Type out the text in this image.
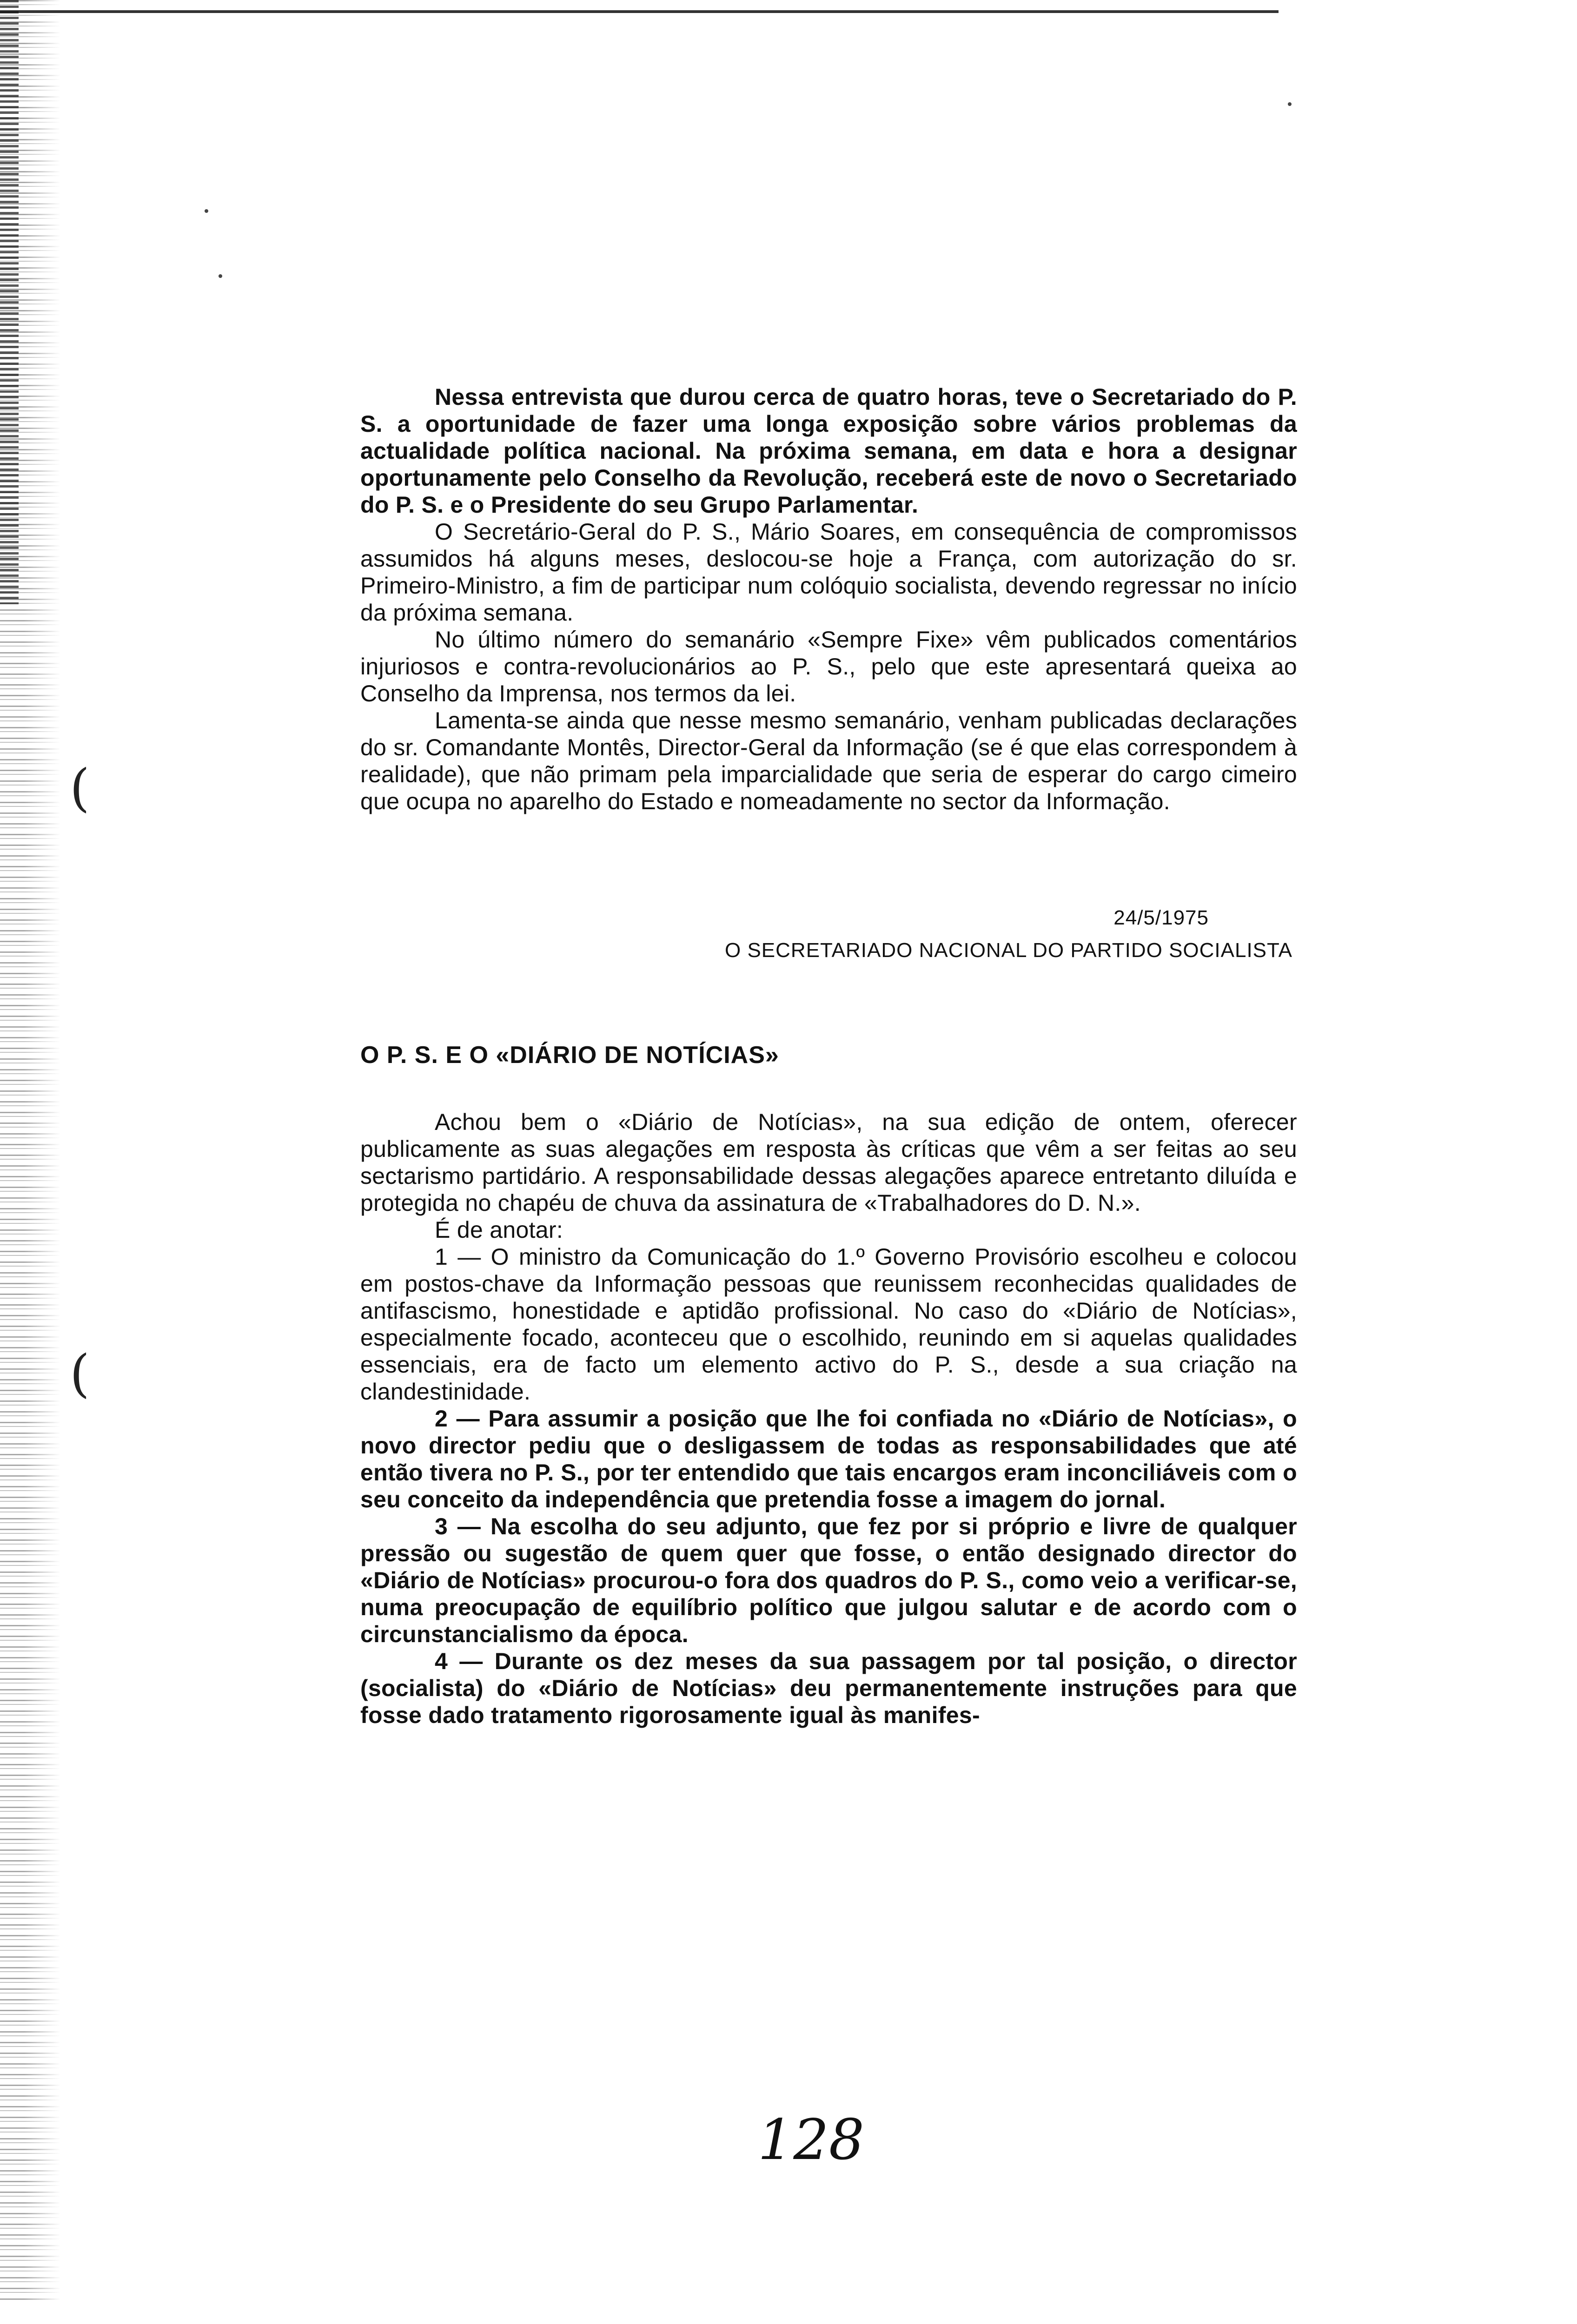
(
(

Nessa entrevista que durou cerca de quatro horas, teve o Secretariado do P. S. a oportunidade de fazer uma longa exposição sobre vários problemas da actualidade política nacional. Na próxima semana, em data e hora a designar oportunamente pelo Conselho da Revolução, receberá este de novo o Secretariado do P. S. e o Presidente do seu Grupo Parlamentar.

O Secretário-Geral do P. S., Mário Soares, em consequência de compromissos assumidos há alguns meses, deslocou-se hoje a França, com autorização do sr. Primeiro-Ministro, a fim de participar num colóquio socialista, devendo regressar no início da próxima semana.

No último número do semanário «Sempre Fixe» vêm publicados comentários injuriosos e contra-revolucionários ao P. S., pelo que este apresentará queixa ao Conselho da Imprensa, nos termos da lei.

Lamenta-se ainda que nesse mesmo semanário, venham publicadas declarações do sr. Comandante Montês, Director-Geral da Informação (se é que elas correspondem à realidade), que não primam pela imparcialidade que seria de esperar do cargo cimeiro que ocupa no aparelho do Estado e nomeadamente no sector da Informação.

24/5/1975
O SECRETARIADO NACIONAL DO PARTIDO SOCIALISTA
O P. S. E O «DIÁRIO DE NOTÍCIAS»

Achou bem o «Diário de Notícias», na sua edição de ontem, oferecer publicamente as suas alegações em resposta às críticas que vêm a ser feitas ao seu sectarismo partidário. A responsabilidade dessas alegações aparece entretanto diluída e protegida no chapéu de chuva da assinatura de «Trabalhadores do D. N.».

É de anotar:

1 — O ministro da Comunicação do 1.º Governo Provisório escolheu e colocou em postos-chave da Informação pessoas que reunissem reconhecidas qualidades de antifascismo, honestidade e aptidão profissional. No caso do «Diário de Notícias», especialmente focado, aconteceu que o escolhido, reunindo em si aquelas qualidades essenciais, era de facto um elemento activo do P. S., desde a sua criação na clandestinidade.

2 — Para assumir a posição que lhe foi confiada no «Diário de Notícias», o novo director pediu que o desligassem de todas as responsabilidades que até então tivera no P. S., por ter entendido que tais encargos eram inconciliáveis com o seu conceito da independência que pretendia fosse a imagem do jornal.

3 — Na escolha do seu adjunto, que fez por si próprio e livre de qualquer pressão ou sugestão de quem quer que fosse, o então designado director do «Diário de Notícias» procurou-o fora dos quadros do P. S., como veio a verificar-se, numa preocupação de equilíbrio político que julgou salutar e de acordo com o circunstancialismo da época.

4 — Durante os dez meses da sua passagem por tal posição, o director (socialista) do «Diário de Notícias» deu permanentemente instruções para que fosse dado tratamento rigorosamente igual às manifes-

128
